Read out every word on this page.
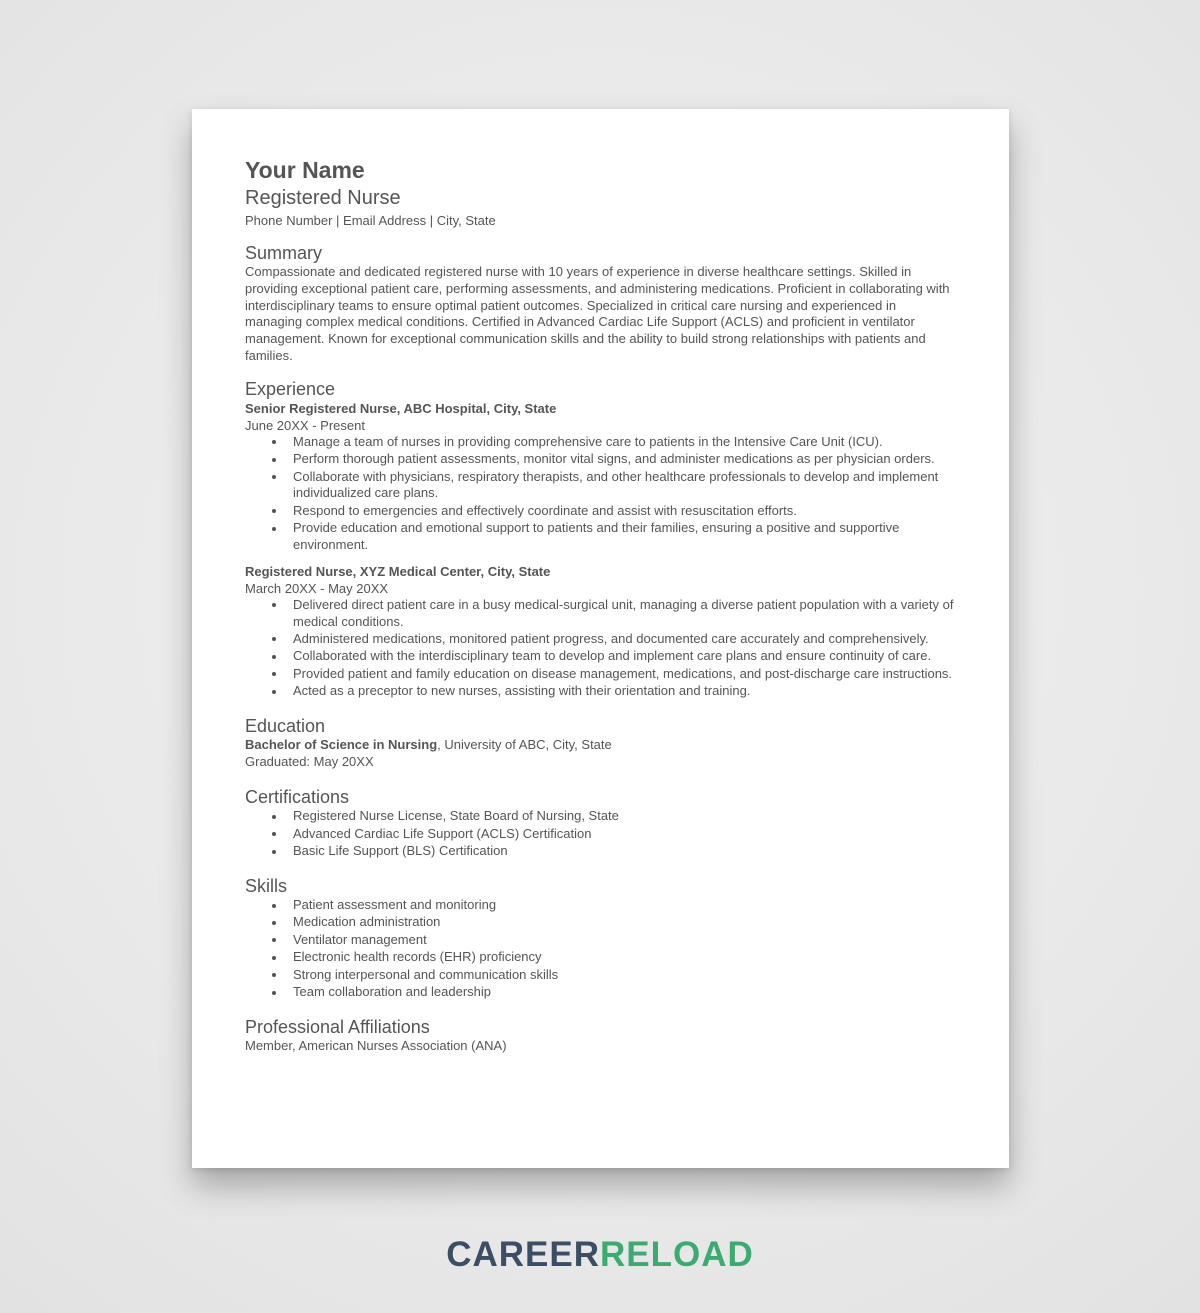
Your Name
Registered Nurse
Phone Number | Email Address | City, State
Summary
Compassionate and dedicated registered nurse with 10 years of experience in diverse healthcare settings. Skilled in providing exceptional patient care, performing assessments, and administering medications. Proficient in collaborating with interdisciplinary teams to ensure optimal patient outcomes. Specialized in critical care nursing and experienced in managing complex medical conditions. Certified in Advanced Cardiac Life Support (ACLS) and proficient in ventilator management. Known for exceptional communication skills and the ability to build strong relationships with patients and families.
Experience
Senior Registered Nurse, ABC Hospital, City, State
June 20XX - Present
Manage a team of nurses in providing comprehensive care to patients in the Intensive Care Unit (ICU).
Perform thorough patient assessments, monitor vital signs, and administer medications as per physician orders.
Collaborate with physicians, respiratory therapists, and other healthcare professionals to develop and implement individualized care plans.
Respond to emergencies and effectively coordinate and assist with resuscitation efforts.
Provide education and emotional support to patients and their families, ensuring a positive and supportive environment.
Registered Nurse, XYZ Medical Center, City, State
March 20XX - May 20XX
Delivered direct patient care in a busy medical-surgical unit, managing a diverse patient population with a variety of medical conditions.
Administered medications, monitored patient progress, and documented care accurately and comprehensively.
Collaborated with the interdisciplinary team to develop and implement care plans and ensure continuity of care.
Provided patient and family education on disease management, medications, and post-discharge care instructions.
Acted as a preceptor to new nurses, assisting with their orientation and training.
Education
Bachelor of Science in Nursing, University of ABC, City, State
Graduated: May 20XX
Certifications
Registered Nurse License, State Board of Nursing, State
Advanced Cardiac Life Support (ACLS) Certification
Basic Life Support (BLS) Certification
Skills
Patient assessment and monitoring
Medication administration
Ventilator management
Electronic health records (EHR) proficiency
Strong interpersonal and communication skills
Team collaboration and leadership
Professional Affiliations
Member, American Nurses Association (ANA)
CAREERRELOAD
